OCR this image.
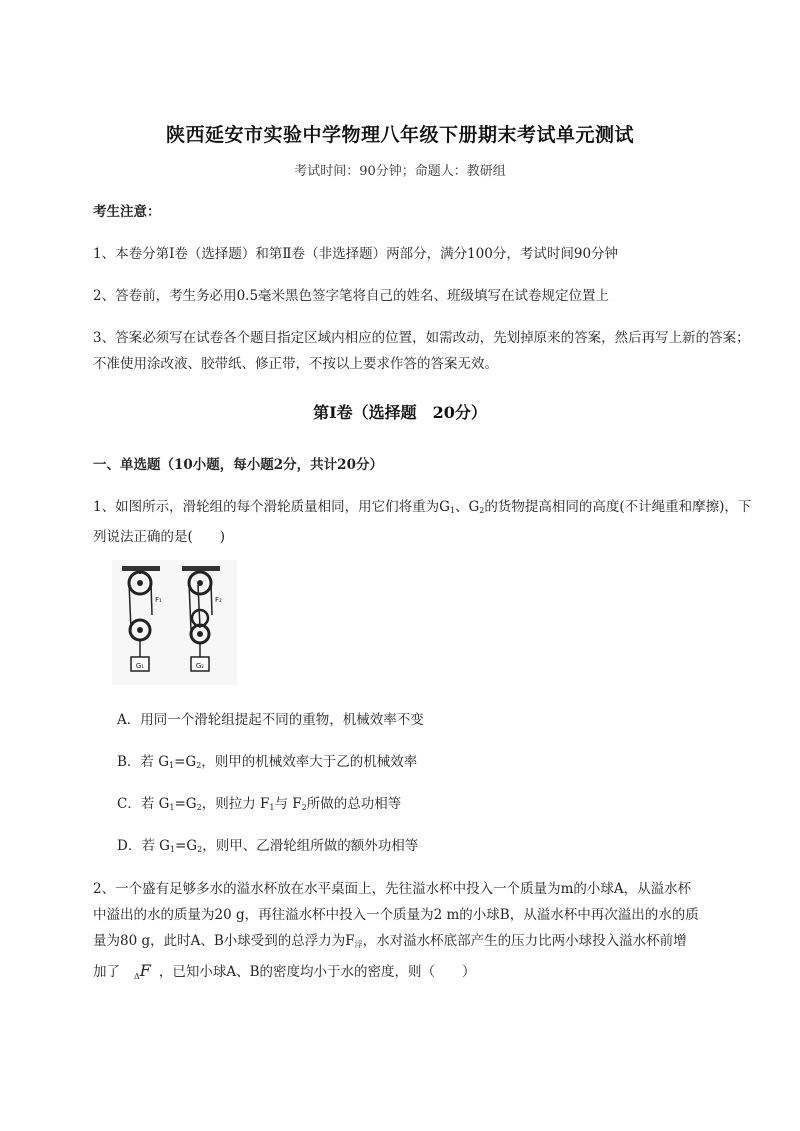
陕西延安市实验中学物理八年级下册期末考试单元测试
考试时间：90分钟；命题人：教研组
考生注意：
1、本卷分第Ⅰ卷（选择题）和第Ⅱ卷（非选择题）两部分，满分100分，考试时间90分钟
2、答卷前，考生务必用0.5毫米黑色签字笔将自己的姓名、班级填写在试卷规定位置上
3、答案必须写在试卷各个题目指定区域内相应的位置，如需改动，先划掉原来的答案，然后再写上新的答案；不准使用涂改液、胶带纸、修正带，不按以上要求作答的答案无效。
第Ⅰ卷（选择题　20分）
一、单选题（10小题，每小题2分，共计20分）
1、如图所示，滑轮组的每个滑轮质量相同，用它们将重为$G_1$、$G_2$的货物提高相同的高度(不计绳重和摩擦)，下列说法正确的是(　　)
G₁
F₁
G₂
F₂
A．用同一个滑轮组提起不同的重物，机械效率不变
B．若 $G_1=G_2$，则甲的机械效率大于乙的机械效率
C．若 $G_1=G_2$，则拉力 $F_1$与 $F_2$所做的总功相等
D．若 $G_1=G_2$，则甲、乙滑轮组所做的额外功相等
2、一个盛有足够多水的溢水杯放在水平桌面上，先往溢水杯中投入一个质量为m的小球A，从溢水杯
中溢出的水的质量为20 g，再往溢水杯中投入一个质量为2 m的小球B，从溢水杯中再次溢出的水的质
量为80 g，此时A、B小球受到的总浮力为$F_浮$，水对溢水杯底部产生的压力比两小球投入溢水杯前增
加了 $_\Delta$F ，已知小球A、B的密度均小于水的密度，则（　　）
